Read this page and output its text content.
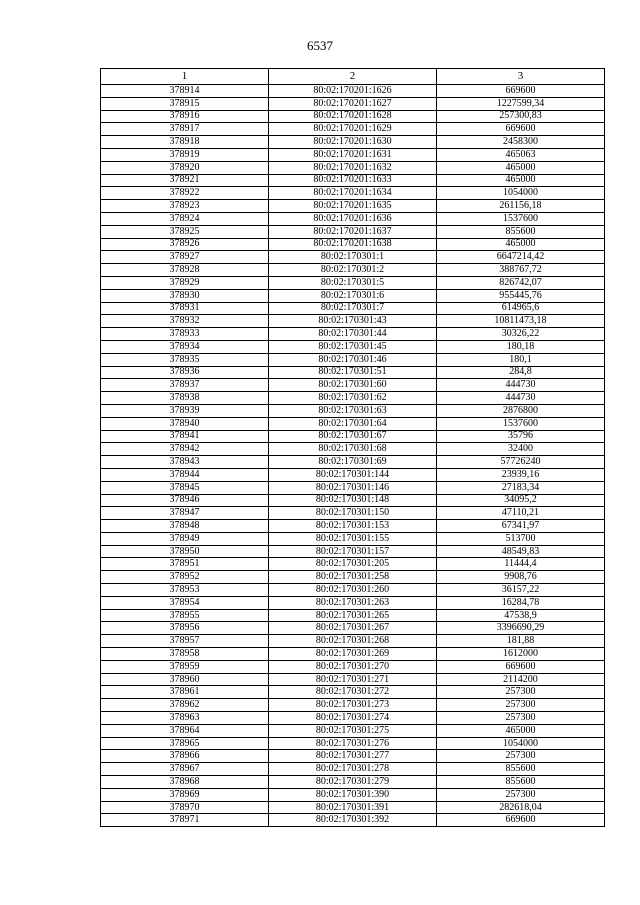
6537
1	2	3
378914	80:02:170201:1626	669600
378915	80:02:170201:1627	1227599,34
378916	80:02:170201:1628	257300,83
378917	80:02:170201:1629	669600
378918	80:02:170201:1630	2458300
378919	80:02:170201:1631	465063
378920	80:02:170201:1632	465000
378921	80:02:170201:1633	465000
378922	80:02:170201:1634	1054000
378923	80:02:170201:1635	261156,18
378924	80:02:170201:1636	1537600
378925	80:02:170201:1637	855600
378926	80:02:170201:1638	465000
378927	80:02:170301:1	6647214,42
378928	80:02:170301:2	388767,72
378929	80:02:170301:5	826742,07
378930	80:02:170301:6	955445,76
378931	80:02:170301:7	614965,6
378932	80:02:170301:43	10811473,18
378933	80:02:170301:44	30326,22
378934	80:02:170301:45	180,18
378935	80:02:170301:46	180,1
378936	80:02:170301:51	284,8
378937	80:02:170301:60	444730
378938	80:02:170301:62	444730
378939	80:02:170301:63	2876800
378940	80:02:170301:64	1537600
378941	80:02:170301:67	35796
378942	80:02:170301:68	32400
378943	80:02:170301:69	57726240
378944	80:02:170301:144	23939,16
378945	80:02:170301:146	27183,34
378946	80:02:170301:148	34095,2
378947	80:02:170301:150	47110,21
378948	80:02:170301:153	67341,97
378949	80:02:170301:155	513700
378950	80:02:170301:157	48549,83
378951	80:02:170301:205	11444,4
378952	80:02:170301:258	9908,76
378953	80:02:170301:260	36157,22
378954	80:02:170301:263	16284,78
378955	80:02:170301:265	47538,9
378956	80:02:170301:267	3396690,29
378957	80:02:170301:268	181,88
378958	80:02:170301:269	1612000
378959	80:02:170301:270	669600
378960	80:02:170301:271	2114200
378961	80:02:170301:272	257300
378962	80:02:170301:273	257300
378963	80:02:170301:274	257300
378964	80:02:170301:275	465000
378965	80:02:170301:276	1054000
378966	80:02:170301:277	257300
378967	80:02:170301:278	855600
378968	80:02:170301:279	855600
378969	80:02:170301:390	257300
378970	80:02:170301:391	282618,04
378971	80:02:170301:392	669600
